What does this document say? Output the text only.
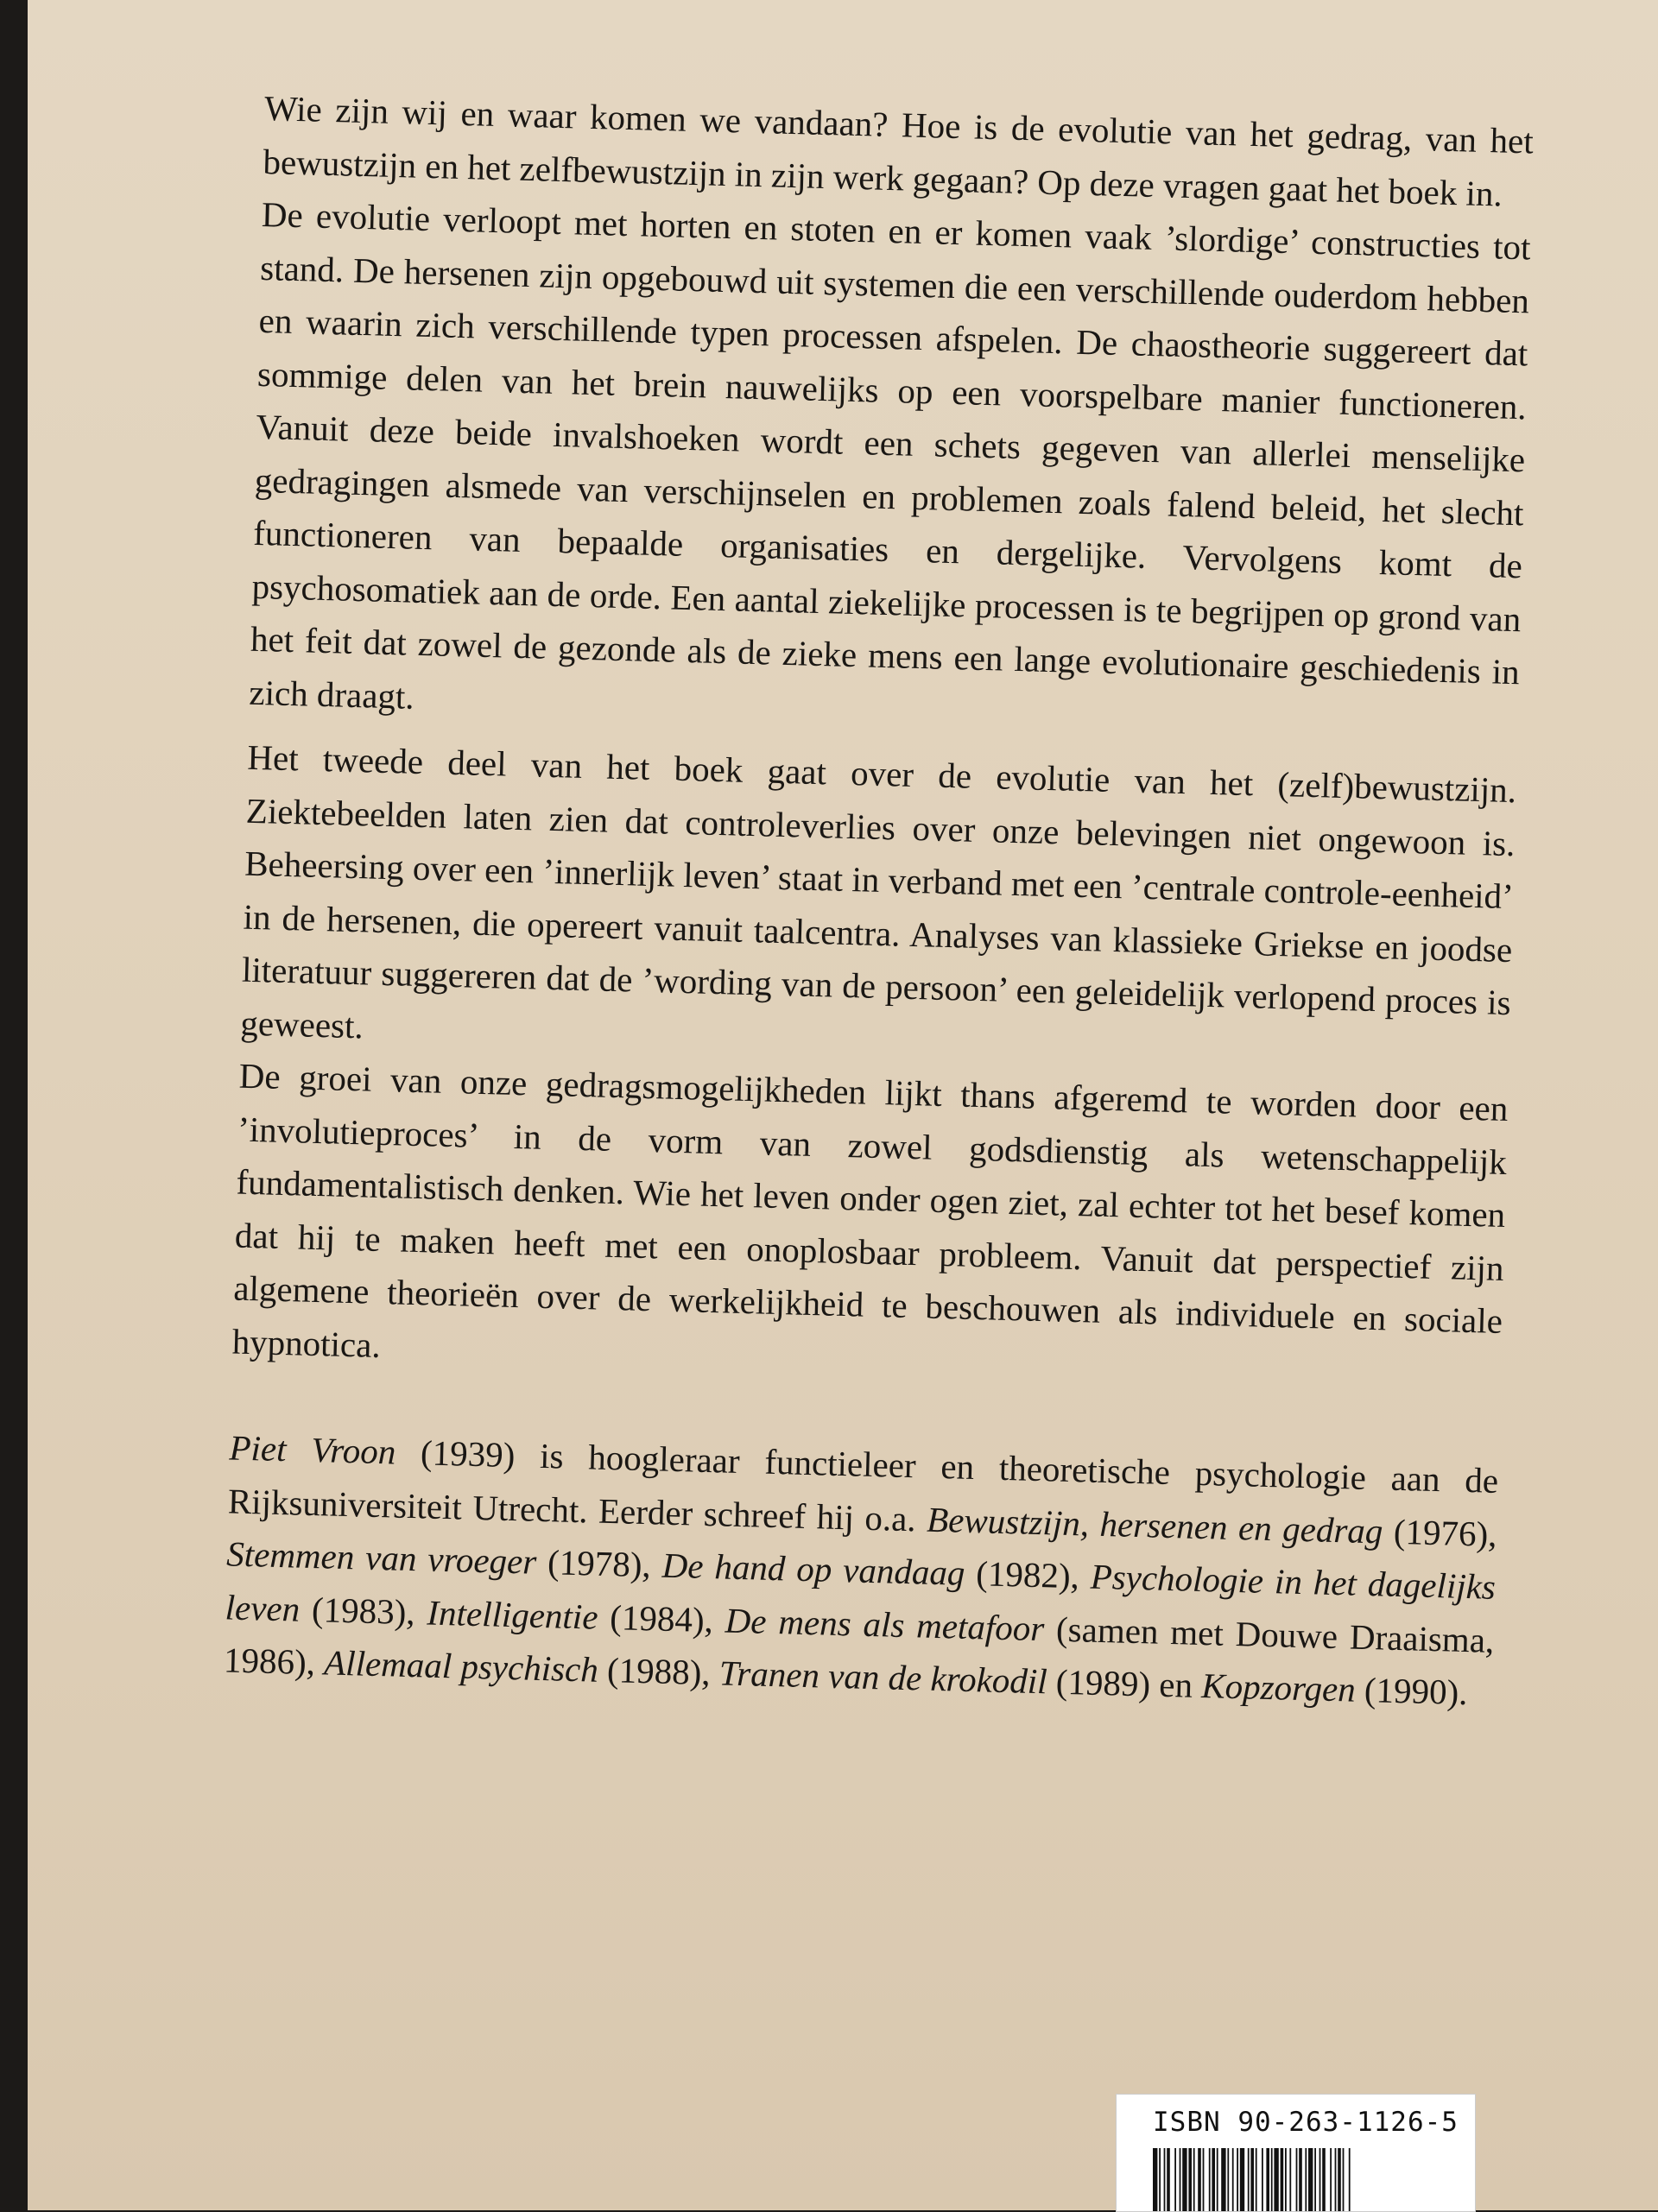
Wie zijn wij en waar komen we vandaan? Hoe is de evolutie van het gedrag, van het bewustzijn en het zelfbewustzijn in zijn werk gegaan? Op deze vragen gaat het boek in.

De evolutie verloopt met horten en stoten en er komen vaak ’slordige’ constructies tot stand. De hersenen zijn opgebouwd uit systemen die een verschillende ouderdom hebben en waarin zich verschillende typen processen afspelen. De chaostheorie suggereert dat sommige delen van het brein nauwelijks op een voorspelbare manier functioneren. Vanuit deze beide invalshoeken wordt een schets gegeven van allerlei menselijke gedragingen alsmede van verschijnselen en problemen zoals falend beleid, het slecht functioneren van bepaalde organisaties en dergelijke. Vervolgens komt de psychosomatiek aan de orde. Een aantal ziekelijke processen is te begrijpen op grond van het feit dat zowel de gezonde als de zieke mens een lange evolutionaire geschiedenis in zich draagt.

Het tweede deel van het boek gaat over de evolutie van het (zelf)bewustzijn. Ziektebeelden laten zien dat controleverlies over onze belevingen niet ongewoon is. Beheersing over een ’innerlijk leven’ staat in verband met een ’centrale controle-eenheid’ in de hersenen, die opereert vanuit taalcentra. Analyses van klassieke Griekse en joodse literatuur suggereren dat de ’wording van de persoon’ een geleidelijk verlopend proces is geweest.

De groei van onze gedragsmogelijkheden lijkt thans afgeremd te worden door een ’involutieproces’ in de vorm van zowel godsdienstig als wetenschappelijk fundamentalistisch denken. Wie het leven onder ogen ziet, zal echter tot het besef komen dat hij te maken heeft met een onoplosbaar probleem. Vanuit dat perspectief zijn algemene theorieën over de werkelijkheid te beschouwen als individuele en sociale hypnotica.

Piet Vroon (1939) is hoogleraar functieleer en theoretische psychologie aan de Rijksuniversiteit Utrecht. Eerder schreef hij o.a. Bewustzijn, hersenen en gedrag (1976), Stemmen van vroeger (1978), De hand op vandaag (1982), Psychologie in het dagelijks leven (1983), Intelligentie (1984), De mens als metafoor (samen met Douwe Draaisma, 1986), Allemaal psychisch (1988), Tranen van de krokodil (1989) en Kopzorgen (1990).

ISBN 90-263-1126-5
